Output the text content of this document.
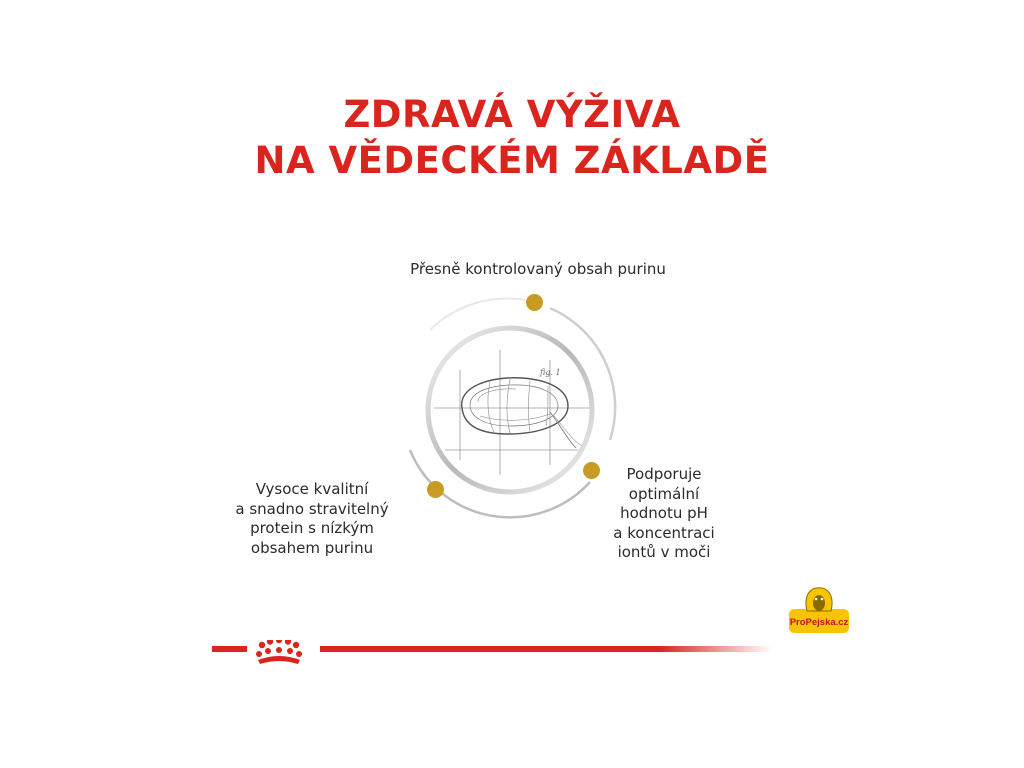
ZDRAVÁ VÝŽIVA
NA VĚDECKÉM ZÁKLADĚ
Přesně kontrolovaný obsah purinu
Vysoce kvalitní
a snadno stravitelný
protein s nízkým
obsahem purinu
Podporuje
optimální
hodnotu pH
a koncentraci
iontů v moči
fig. 1
ProPejska.cz
